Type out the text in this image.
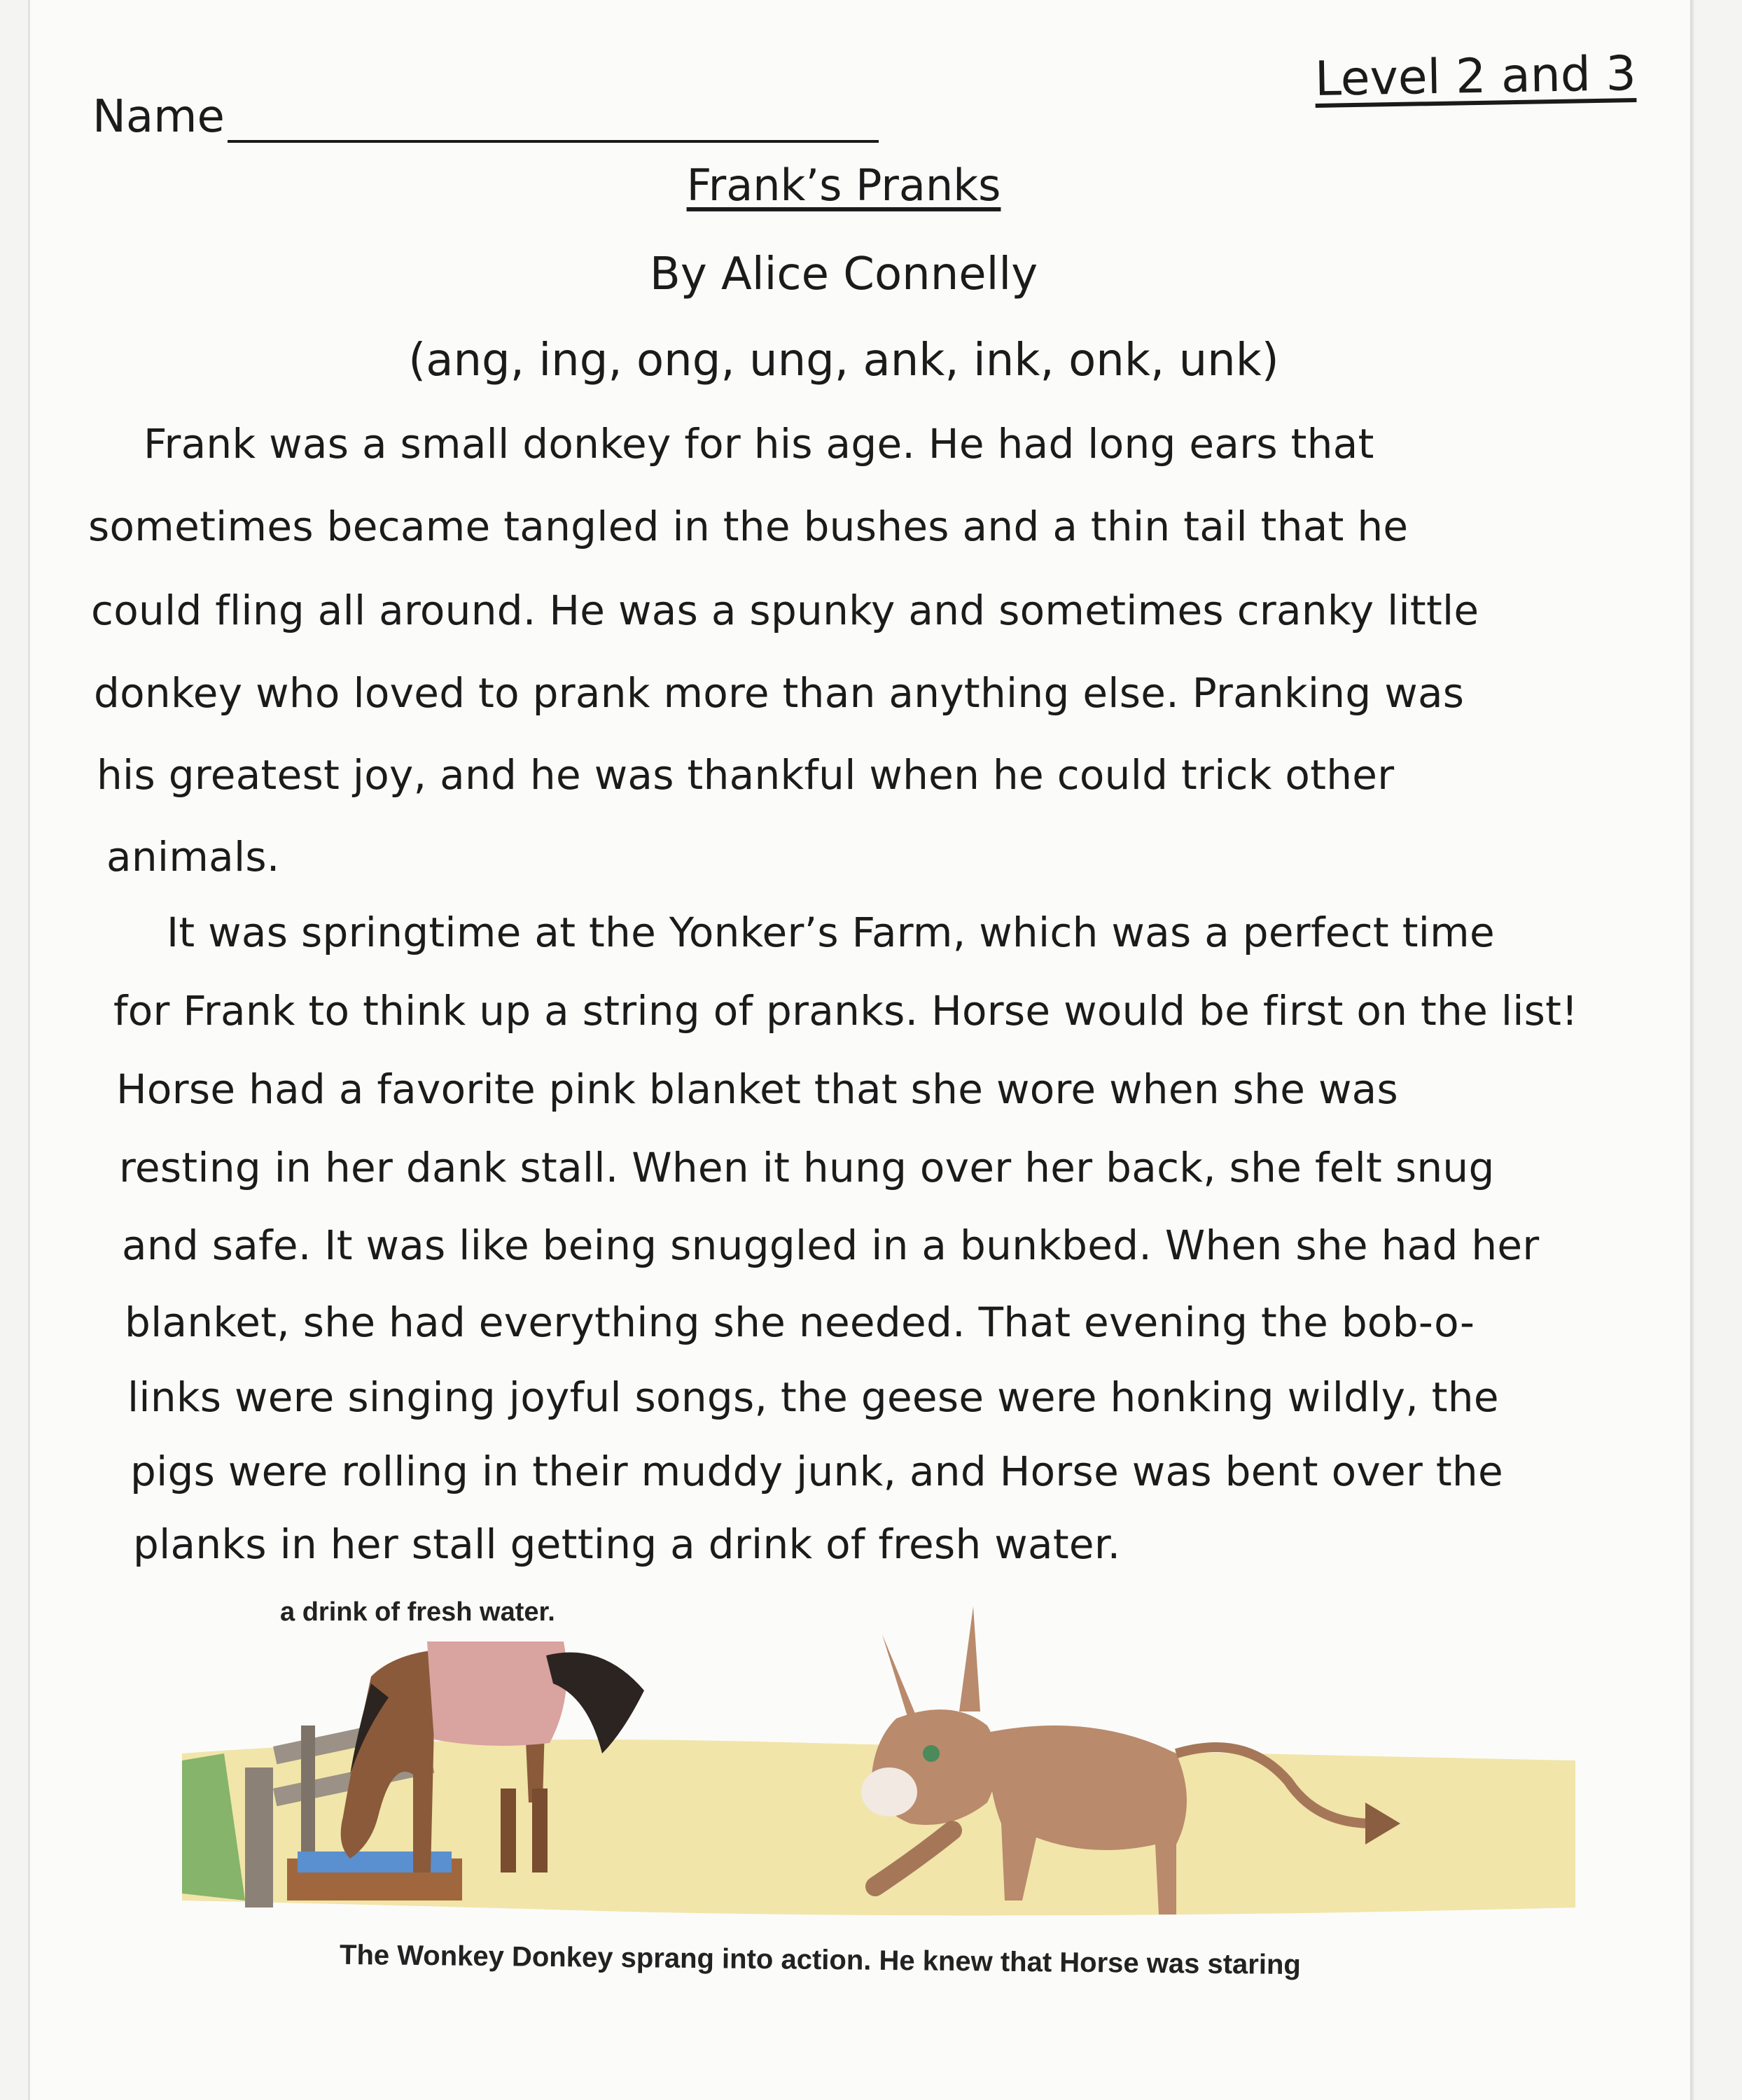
Level 2 and 3
Name
Frank’s Pranks
By Alice Connelly
(ang, ing, ong, ung, ank, ink, onk, unk)
Frank was a small donkey for his age. He had long ears that
sometimes became tangled in the bushes and a thin tail that he
could fling all around. He was a spunky and sometimes cranky little
donkey who loved to prank more than anything else. Pranking was
his greatest joy, and he was thankful when he could trick other
animals.
It was springtime at the Yonker’s Farm, which was a perfect time
for Frank to think up a string of pranks. Horse would be first on the list!
Horse had a favorite pink blanket that she wore when she was
resting in her dank stall. When it hung over her back, she felt snug
and safe. It was like being snuggled in a bunkbed. When she had her
blanket, she had everything she needed. That evening the bob-o-
links were singing joyful songs, the geese were honking wildly, the
pigs were rolling in their muddy junk, and Horse was bent over the
planks in her stall getting a drink of fresh water.
a drink of fresh water.
The Wonkey Donkey sprang into action. He knew that Horse was staring
